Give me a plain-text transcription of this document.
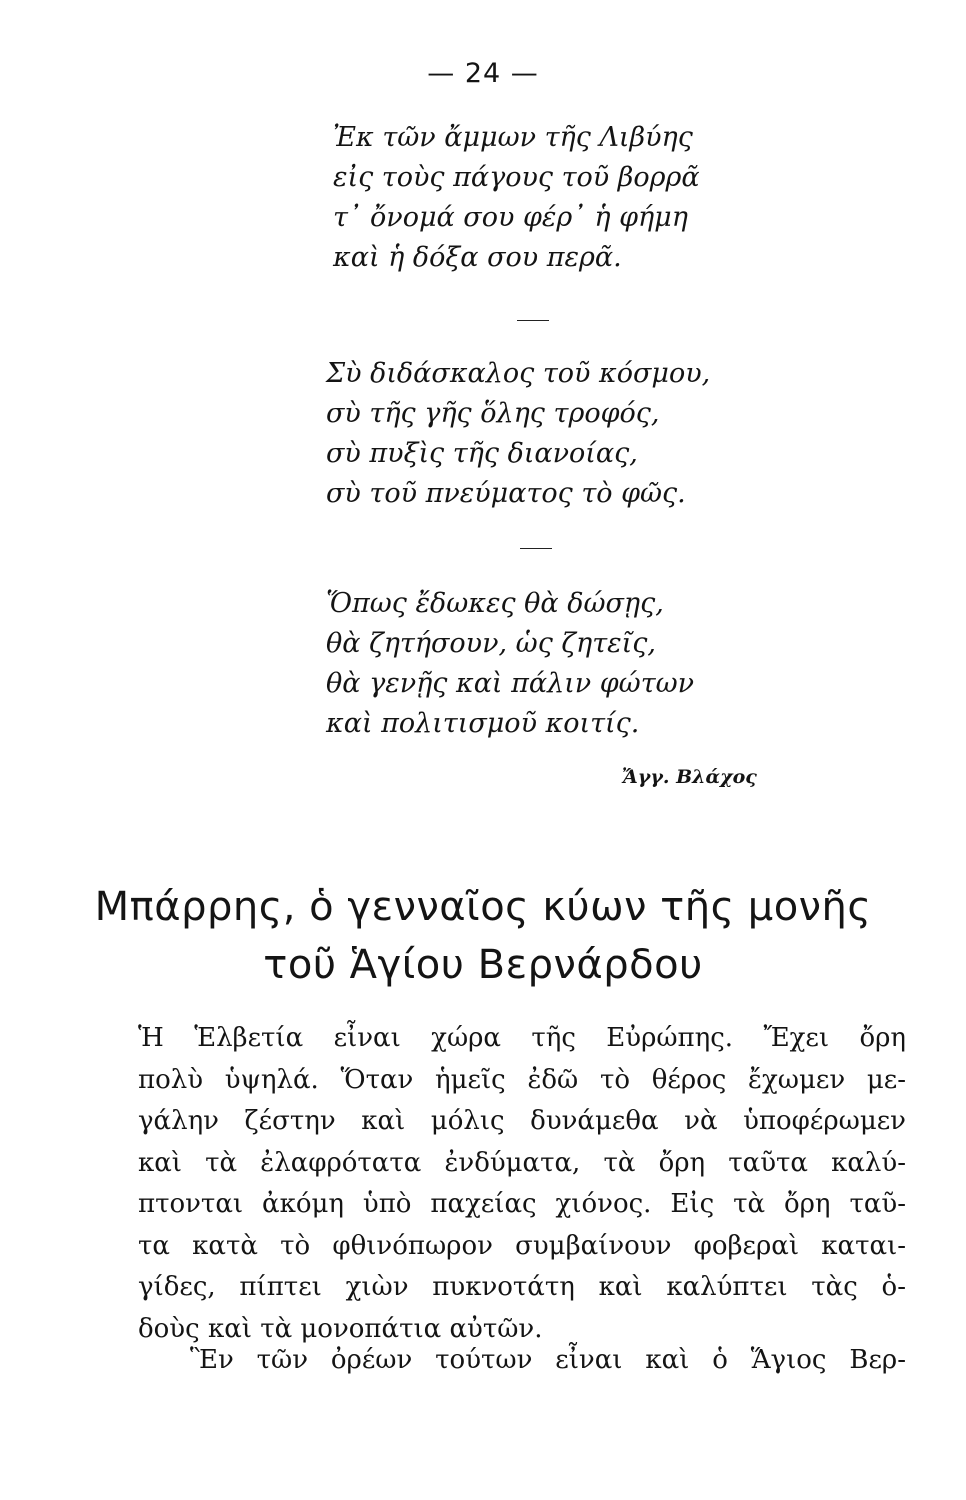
— 24 —
Ἐκ τῶν ἄμμων τῆς Λιβύης
εἰς τοὺς πάγους τοῦ βορρᾶ
τ᾽ ὄνομά σου φέρ᾽ ἡ φήμη
καὶ ἡ δόξα σου περᾶ.
Σὺ διδάσκαλος τοῦ κόσμου,
σὺ τῆς γῆς ὅλης τροφός,
σὺ πυξὶς τῆς διανοίας,
σὺ τοῦ πνεύματος τὸ φῶς.
Ὅπως ἔδωκες θὰ δώσῃς,
θὰ ζητήσουν, ὡς ζητεῖς,
θὰ γενῇς καὶ πάλιν φώτων
καὶ πολιτισμοῦ κοιτίς.
Ἄγγ. Βλάχος
Μπάρρης, ὁ γενναῖος κύων τῆς μονῆς
τοῦ Ἁγίου Βερνάρδου
Ἡ Ἑλβετία εἶναι χώρα τῆς Εὐρώπης. Ἔχει ὄρη
πολὺ ὑψηλά. Ὅταν ἡμεῖς ἐδῶ τὸ θέρος ἔχωμεν με-
γάλην ζέστην καὶ μόλις δυνάμεθα νὰ ὑποφέρωμεν
καὶ τὰ ἐλαφρότατα ἐνδύματα, τὰ ὄρη ταῦτα καλύ-
πτονται ἀκόμη ὑπὸ παχείας χιόνος. Εἰς τὰ ὄρη ταῦ-
τα κατὰ τὸ φθινόπωρον συμβαίνουν φοβεραὶ καται-
γίδες, πίπτει χιὼν πυκνοτάτη καὶ καλύπτει τὰς ὁ-
δοὺς καὶ τὰ μονοπάτια αὐτῶν.
Ἓν τῶν ὀρέων τούτων εἶναι καὶ ὁ Ἅγιος Βερ-
